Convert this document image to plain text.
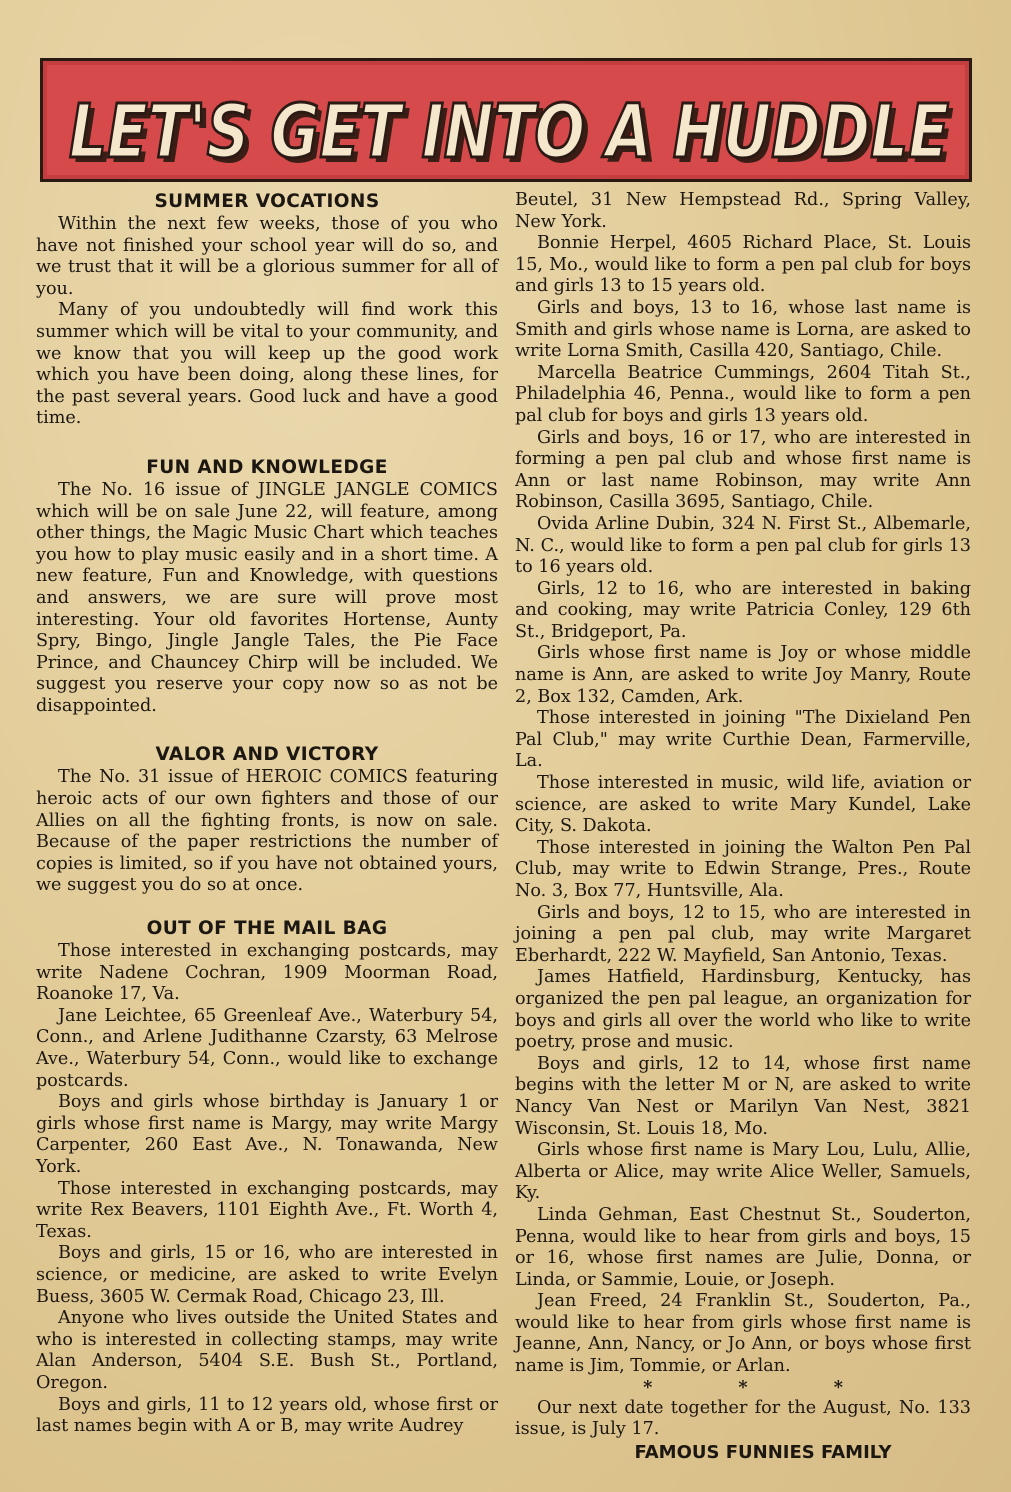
LET'S GET INTO A HUDDLE
LET'S GET INTO A HUDDLE
SUMMER VOCATIONS

Within the next few weeks, those of you who have not finished your school year will do so, and we trust that it will be a glorious summer for all of you.

Many of you undoubtedly will find work this summer which will be vital to your community, and we know that you will keep up the good work which you have been doing, along these lines, for the past several years. Good luck and have a good time.

FUN AND KNOWLEDGE

The No. 16 issue of JINGLE JANGLE COMICS which will be on sale June 22, will feature, among other things, the Magic Music Chart which teaches you how to play music easily and in a short time. A new feature, Fun and Knowledge, with questions and answers, we are sure will prove most interesting. Your old favorites Hortense, Aunty Spry, Bingo, Jingle Jangle Tales, the Pie Face Prince, and Chauncey Chirp will be included. We suggest you reserve your copy now so as not be disappointed.

VALOR AND VICTORY

The No. 31 issue of HEROIC COMICS featuring heroic acts of our own fighters and those of our Allies on all the fighting fronts, is now on sale. Because of the paper restrictions the number of copies is limited, so if you have not obtained yours, we suggest you do so at once.

OUT OF THE MAIL BAG

Those interested in exchanging postcards, may write Nadene Cochran, 1909 Moorman Road, Roanoke 17, Va.

Jane Leichtee, 65 Greenleaf Ave., Waterbury 54, Conn., and Arlene Judithanne Czarsty, 63 Melrose Ave., Waterbury 54, Conn., would like to exchange postcards.

Boys and girls whose birthday is January 1 or girls whose first name is Margy, may write Margy Carpenter, 260 East Ave., N. Tonawanda, New York.

Those interested in exchanging postcards, may write Rex Beavers, 1101 Eighth Ave., Ft. Worth 4, Texas.

Boys and girls, 15 or 16, who are interested in science, or medicine, are asked to write Evelyn Buess, 3605 W. Cermak Road, Chicago 23, Ill.

Anyone who lives outside the United States and who is interested in collecting stamps, may write Alan Anderson, 5404 S.E. Bush St., Portland, Oregon.

Boys and girls, 11 to 12 years old, whose first or last names begin with A or B, may write Audrey

Beutel, 31 New Hempstead Rd., Spring Valley, New York.

Bonnie Herpel, 4605 Richard Place, St. Louis 15, Mo., would like to form a pen pal club for boys and girls 13 to 15 years old.

Girls and boys, 13 to 16, whose last name is Smith and girls whose name is Lorna, are asked to write Lorna Smith, Casilla 420, Santiago, Chile.

Marcella Beatrice Cummings, 2604 Titah St., Philadelphia 46, Penna., would like to form a pen pal club for boys and girls 13 years old.

Girls and boys, 16 or 17, who are interested in forming a pen pal club and whose first name is Ann or last name Robinson, may write Ann Robinson, Casilla 3695, Santiago, Chile.

Ovida Arline Dubin, 324 N. First St., Albemarle, N. C., would like to form a pen pal club for girls 13 to 16 years old.

Girls, 12 to 16, who are interested in baking and cooking, may write Patricia Conley, 129 6th St., Bridgeport, Pa.

Girls whose first name is Joy or whose middle name is Ann, are asked to write Joy Manry, Route 2, Box 132, Camden, Ark.

Those interested in joining "The Dixieland Pen Pal Club," may write Curthie Dean, Farmerville, La.

Those interested in music, wild life, aviation or science, are asked to write Mary Kundel, Lake City, S. Dakota.

Those interested in joining the Walton Pen Pal Club, may write to Edwin Strange, Pres., Route No. 3, Box 77, Huntsville, Ala.

Girls and boys, 12 to 15, who are interested in joining a pen pal club, may write Margaret Eberhardt, 222 W. Mayfield, San Antonio, Texas.

James Hatfield, Hardinsburg, Kentucky, has organized the pen pal league, an organization for boys and girls all over the world who like to write poetry, prose and music.

Boys and girls, 12 to 14, whose first name begins with the letter M or N, are asked to write Nancy Van Nest or Marilyn Van Nest, 3821 Wisconsin, St. Louis 18, Mo.

Girls whose first name is Mary Lou, Lulu, Allie, Alberta or Alice, may write Alice Weller, Samuels, Ky.

Linda Gehman, East Chestnut St., Souderton, Penna, would like to hear from girls and boys, 15 or 16, whose first names are Julie, Donna, or Linda, or Sammie, Louie, or Joseph.

Jean Freed, 24 Franklin St., Souderton, Pa., would like to hear from girls whose first name is Jeanne, Ann, Nancy, or Jo Ann, or boys whose first name is Jim, Tommie, or Arlan.

* * *

Our next date together for the August, No. 133 issue, is July 17.

FAMOUS FUNNIES FAMILY
